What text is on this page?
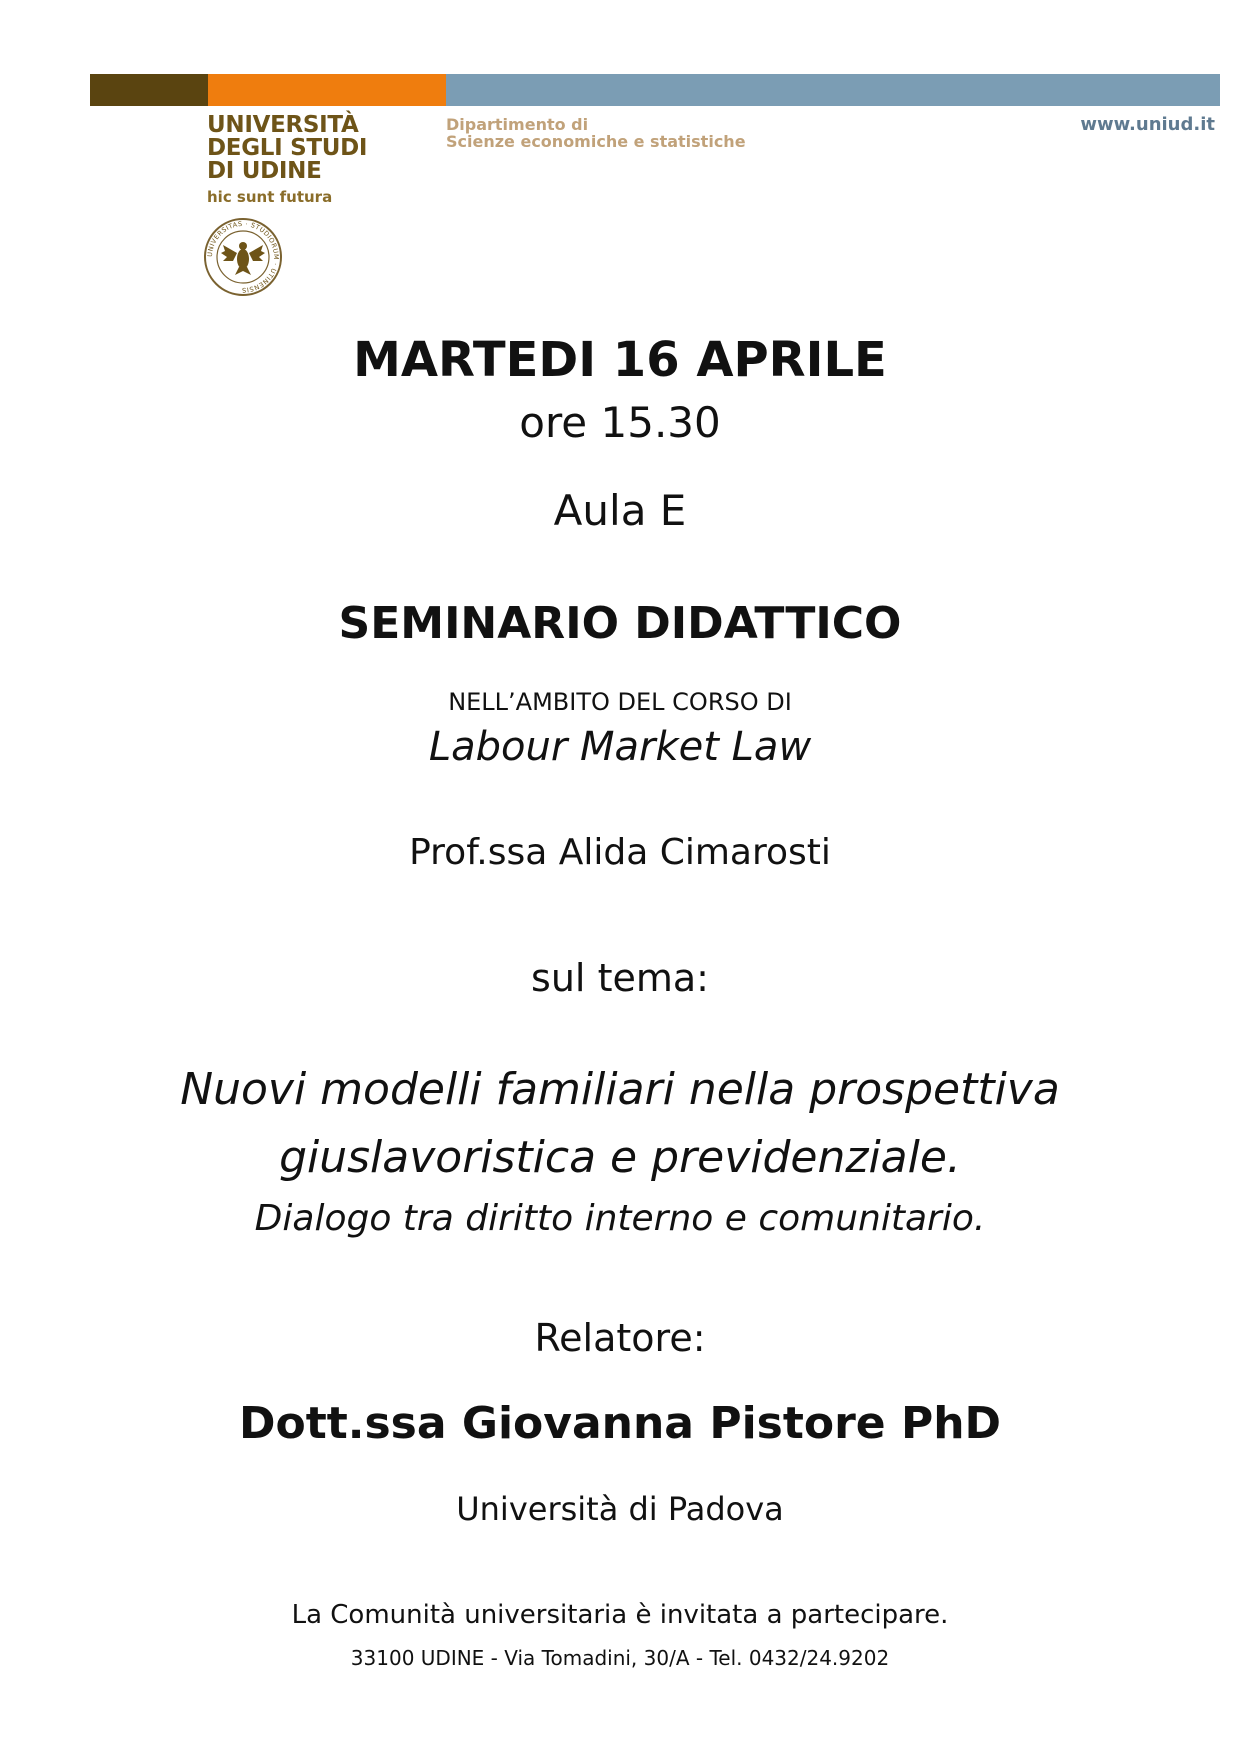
UNIVERSITÀ
DEGLI STUDI
DI UDINE
hic sunt futura
Dipartimento di
Scienze economiche e statistiche
www.uniud.it
UNIVERSITAS · STUDIORUM · UTINENSIS
MARTEDI 16 APRILE
ore 15.30
Aula E
SEMINARIO DIDATTICO
NELL’AMBITO DEL CORSO DI
Labour Market Law
Prof.ssa Alida Cimarosti
sul tema:
Nuovi modelli familiari nella prospettiva
giuslavoristica e previdenziale.
Dialogo tra diritto interno e comunitario.
Relatore:
Dott.ssa Giovanna Pistore PhD
Università di Padova
La Comunità universitaria è invitata a partecipare.
33100 UDINE - Via Tomadini, 30/A - Tel. 0432/24.9202
